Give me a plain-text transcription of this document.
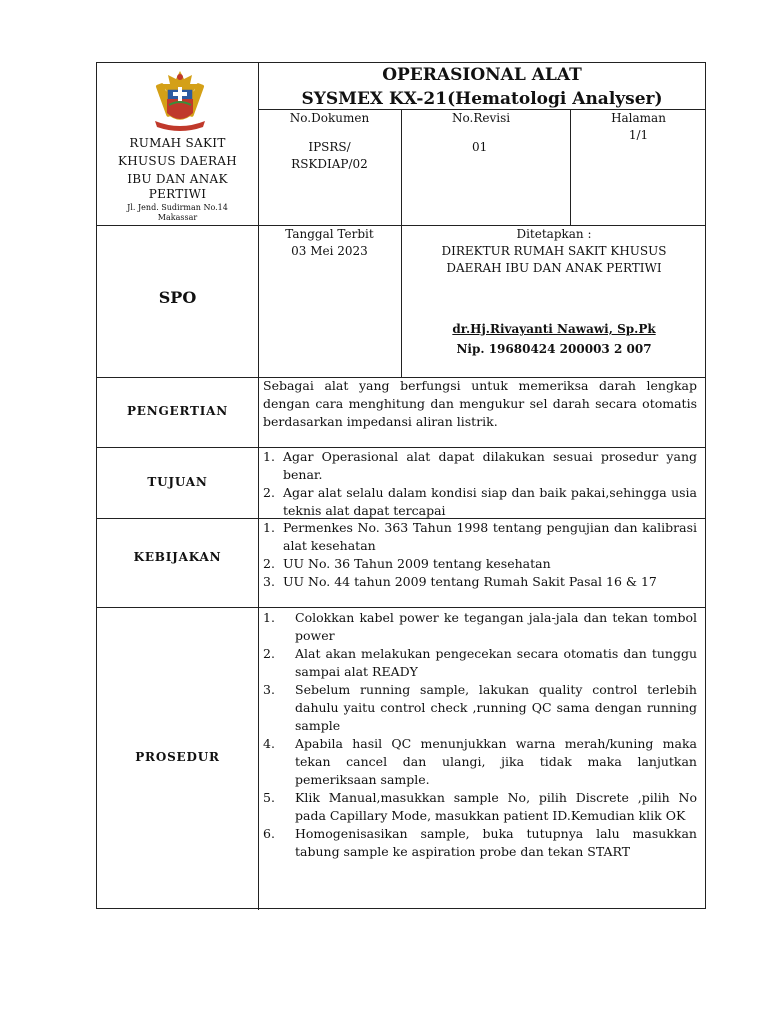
RUMAH SAKIT
KHUSUS DAERAH
IBU DAN ANAK
PERTIWI
Jl. Jend. Sudirman No.14
Makassar
OPERASIONAL ALAT
SYSMEX KX-21(Hematologi Analyser)
No.Dokumen
IPSRS/
RSKDIAP/02
No.Revisi
01
Halaman
1/1
SPO
Tanggal Terbit
03 Mei 2023
Ditetapkan :
DIREKTUR RUMAH SAKIT KHUSUS
DAERAH IBU DAN ANAK PERTIWI
dr.Hj.Rivayanti Nawawi, Sp.Pk
Nip. 19680424 200003 2 007
PENGERTIAN
Sebagai alat yang berfungsi untuk memeriksa darah lengkap dengan cara menghitung dan mengukur sel darah secara otomatis berdasarkan impedansi aliran listrik.
TUJUAN
1. Agar Operasional alat dapat dilakukan sesuai prosedur yang benar.
2. Agar alat selalu dalam kondisi siap dan baik pakai,sehingga usia teknis alat dapat tercapai
KEBIJAKAN
1. Permenkes No. 363 Tahun 1998 tentang pengujian dan kalibrasi alat kesehatan
2. UU No. 36 Tahun 2009 tentang kesehatan
3. UU No. 44 tahun 2009 tentang Rumah Sakit Pasal 16 & 17
PROSEDUR
1. Colokkan kabel power ke tegangan jala-jala dan tekan tombol power
2. Alat akan melakukan pengecekan secara otomatis dan tunggu sampai alat READY
3. Sebelum running sample, lakukan quality control terlebih dahulu yaitu control check ,running QC sama dengan running sample
4. Apabila hasil QC menunjukkan warna merah/kuning maka tekan cancel dan ulangi, jika tidak maka lanjutkan pemeriksaan sample.
5. Klik Manual,masukkan sample No, pilih Discrete ,pilih No pada Capillary Mode, masukkan patient ID.Kemudian klik OK
6. Homogenisasikan sample, buka tutupnya lalu masukkan tabung sample ke aspiration probe dan tekan START
